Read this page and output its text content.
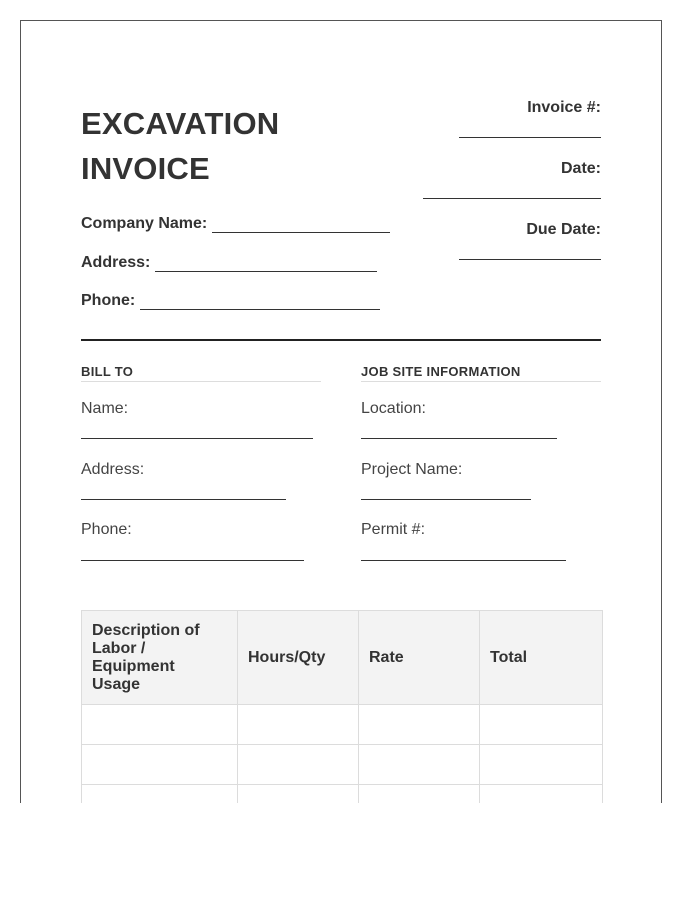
EXCAVATION
INVOICE
Invoice #:
Date:
Due Date:
Company Name:
Address:
Phone:
BILL TO
Name:
Address:
Phone:
JOB SITE INFORMATION
Location:
Project Name:
Permit #:
Description of Labor / Equipment Usage	Hours/Qty	Rate	Total
